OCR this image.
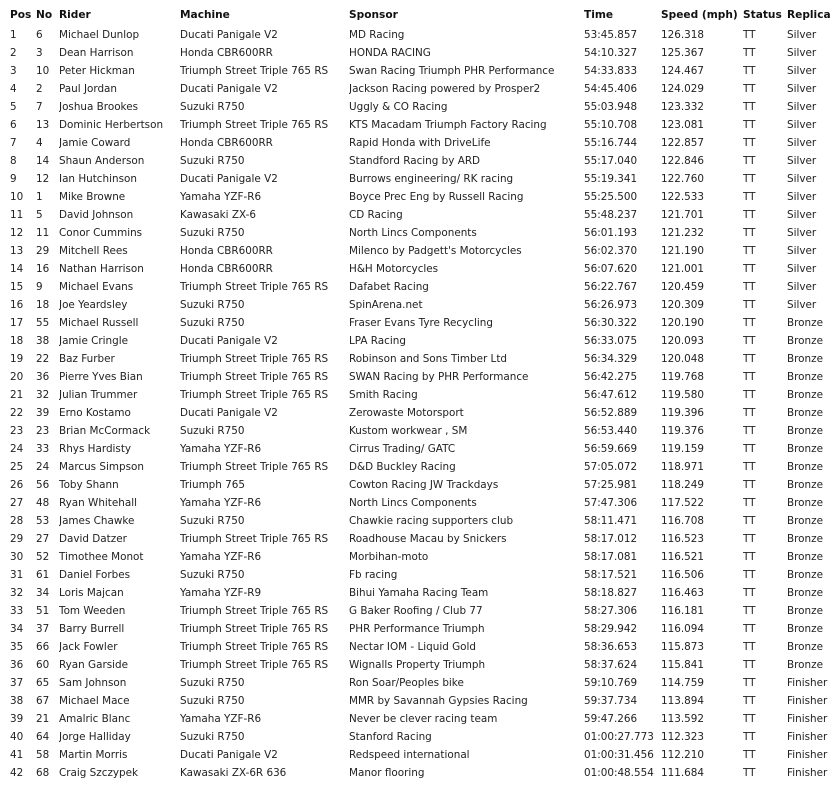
Pos	No	Rider	Machine	Sponsor	Time	Speed (mph)	Status	Replica
1	6	Michael Dunlop	Ducati Panigale V2	MD Racing	53:45.857	126.318	TT	Silver
2	3	Dean Harrison	Honda CBR600RR	HONDA RACING	54:10.327	125.367	TT	Silver
3	10	Peter Hickman	Triumph Street Triple 765 RS	Swan Racing Triumph PHR Performance	54:33.833	124.467	TT	Silver
4	2	Paul Jordan	Ducati Panigale V2	Jackson Racing powered by Prosper2	54:45.406	124.029	TT	Silver
5	7	Joshua Brookes	Suzuki R750	Uggly & CO Racing	55:03.948	123.332	TT	Silver
6	13	Dominic Herbertson	Triumph Street Triple 765 RS	KTS Macadam Triumph Factory Racing	55:10.708	123.081	TT	Silver
7	4	Jamie Coward	Honda CBR600RR	Rapid Honda with DriveLife	55:16.744	122.857	TT	Silver
8	14	Shaun Anderson	Suzuki R750	Standford Racing by ARD	55:17.040	122.846	TT	Silver
9	12	Ian Hutchinson	Ducati Panigale V2	Burrows engineering/ RK racing	55:19.341	122.760	TT	Silver
10	1	Mike Browne	Yamaha YZF-R6	Boyce Prec Eng by Russell Racing	55:25.500	122.533	TT	Silver
11	5	David Johnson	Kawasaki ZX-6	CD Racing	55:48.237	121.701	TT	Silver
12	11	Conor Cummins	Suzuki R750	North Lincs Components	56:01.193	121.232	TT	Silver
13	29	Mitchell Rees	Honda CBR600RR	Milenco by Padgett's Motorcycles	56:02.370	121.190	TT	Silver
14	16	Nathan Harrison	Honda CBR600RR	H&H Motorcycles	56:07.620	121.001	TT	Silver
15	9	Michael Evans	Triumph Street Triple 765 RS	Dafabet Racing	56:22.767	120.459	TT	Silver
16	18	Joe Yeardsley	Suzuki R750	SpinArena.net	56:26.973	120.309	TT	Silver
17	55	Michael Russell	Suzuki R750	Fraser Evans Tyre Recycling	56:30.322	120.190	TT	Bronze
18	38	Jamie Cringle	Ducati Panigale V2	LPA Racing	56:33.075	120.093	TT	Bronze
19	22	Baz Furber	Triumph Street Triple 765 RS	Robinson and Sons Timber Ltd	56:34.329	120.048	TT	Bronze
20	36	Pierre Yves Bian	Triumph Street Triple 765 RS	SWAN Racing by PHR Performance	56:42.275	119.768	TT	Bronze
21	32	Julian Trummer	Triumph Street Triple 765 RS	Smith Racing	56:47.612	119.580	TT	Bronze
22	39	Erno Kostamo	Ducati Panigale V2	Zerowaste Motorsport	56:52.889	119.396	TT	Bronze
23	23	Brian McCormack	Suzuki R750	Kustom workwear , SM	56:53.440	119.376	TT	Bronze
24	33	Rhys Hardisty	Yamaha YZF-R6	Cirrus Trading/ GATC	56:59.669	119.159	TT	Bronze
25	24	Marcus Simpson	Triumph Street Triple 765 RS	D&D Buckley Racing	57:05.072	118.971	TT	Bronze
26	56	Toby Shann	Triumph 765	Cowton Racing JW Trackdays	57:25.981	118.249	TT	Bronze
27	48	Ryan Whitehall	Yamaha YZF-R6	North Lincs Components	57:47.306	117.522	TT	Bronze
28	53	James Chawke	Suzuki R750	Chawkie racing supporters club	58:11.471	116.708	TT	Bronze
29	27	David Datzer	Triumph Street Triple 765 RS	Roadhouse Macau by Snickers	58:17.012	116.523	TT	Bronze
30	52	Timothee Monot	Yamaha YZF-R6	Morbihan-moto	58:17.081	116.521	TT	Bronze
31	61	Daniel Forbes	Suzuki R750	Fb racing	58:17.521	116.506	TT	Bronze
32	34	Loris Majcan	Yamaha YZF-R9	Bihui Yamaha Racing Team	58:18.827	116.463	TT	Bronze
33	51	Tom Weeden	Triumph Street Triple 765 RS	G Baker Roofing / Club 77	58:27.306	116.181	TT	Bronze
34	37	Barry Burrell	Triumph Street Triple 765 RS	PHR Performance Triumph	58:29.942	116.094	TT	Bronze
35	66	Jack Fowler	Triumph Street Triple 765 RS	Nectar IOM - Liquid Gold	58:36.653	115.873	TT	Bronze
36	60	Ryan Garside	Triumph Street Triple 765 RS	Wignalls Property Triumph	58:37.624	115.841	TT	Bronze
37	65	Sam Johnson	Suzuki R750	Ron Soar/Peoples bike	59:10.769	114.759	TT	Finisher
38	67	Michael Mace	Suzuki R750	MMR by Savannah Gypsies Racing	59:37.734	113.894	TT	Finisher
39	21	Amalric Blanc	Yamaha YZF-R6	Never be clever racing team	59:47.266	113.592	TT	Finisher
40	64	Jorge Halliday	Suzuki R750	Stanford Racing	01:00:27.773	112.323	TT	Finisher
41	58	Martin Morris	Ducati Panigale V2	Redspeed international	01:00:31.456	112.210	TT	Finisher
42	68	Craig Szczypek	Kawasaki ZX-6R 636	Manor flooring	01:00:48.554	111.684	TT	Finisher
